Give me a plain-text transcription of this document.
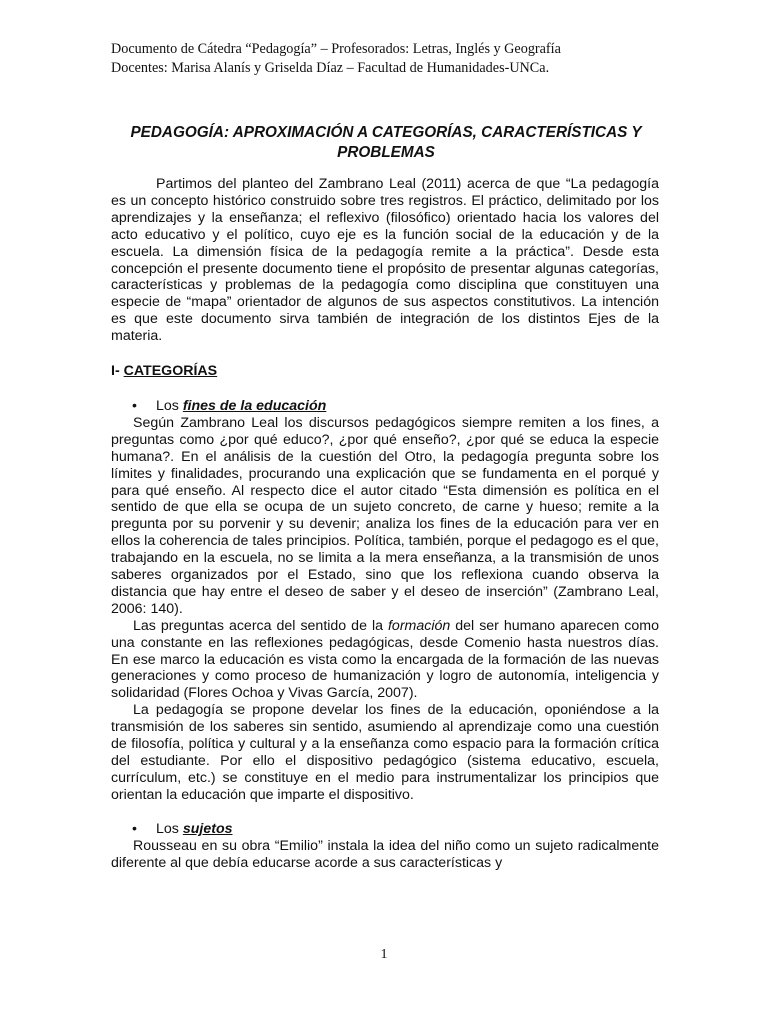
Documento de Cátedra “Pedagogía” – Profesorados: Letras, Inglés y Geografía
Docentes: Marisa Alanís y Griselda Díaz – Facultad de Humanidades-UNCa.
PEDAGOGÍA: APROXIMACIÓN A CATEGORÍAS, CARACTERÍSTICAS Y PROBLEMAS

Partimos del planteo del Zambrano Leal (2011) acerca de que “La pedagogía es un concepto histórico construido sobre tres registros. El práctico, delimitado por los aprendizajes y la enseñanza; el reflexivo (filosófico) orientado hacia los valores del acto educativo y el político, cuyo eje es la función social de la educación y de la escuela. La dimensión física de la pedagogía remite a la práctica”. Desde esta concepción el presente documento tiene el propósito de presentar algunas categorías, características y problemas de la pedagogía como disciplina que constituyen una especie de “mapa” orientador de algunos de sus aspectos constitutivos. La intención es que este documento sirva también de integración de los distintos Ejes de la materia.

I- CATEGORÍAS
• Los fines de la educación

Según Zambrano Leal los discursos pedagógicos siempre remiten a los fines, a preguntas como ¿por qué educo?, ¿por qué enseño?, ¿por qué se educa la especie humana?. En el análisis de la cuestión del Otro, la pedagogía pregunta sobre los límites y finalidades, procurando una explicación que se fundamenta en el porqué y para qué enseño. Al respecto dice el autor citado “Esta dimensión es política en el sentido de que ella se ocupa de un sujeto concreto, de carne y hueso; remite a la pregunta por su porvenir y su devenir; analiza los fines de la educación para ver en ellos la coherencia de tales principios. Política, también, porque el pedagogo es el que, trabajando en la escuela, no se limita a la mera enseñanza, a la transmisión de unos saberes organizados por el Estado, sino que los reflexiona cuando observa la distancia que hay entre el deseo de saber y el deseo de inserción” (Zambrano Leal, 2006: 140).

Las preguntas acerca del sentido de la formación del ser humano aparecen como una constante en las reflexiones pedagógicas, desde Comenio hasta nuestros días. En ese marco la educación es vista como la encargada de la formación de las nuevas generaciones y como proceso de humanización y logro de autonomía, inteligencia y solidaridad (Flores Ochoa y Vivas García, 2007).

La pedagogía se propone develar los fines de la educación, oponiéndose a la transmisión de los saberes sin sentido, asumiendo al aprendizaje como una cuestión de filosofía, política y cultural y a la enseñanza como espacio para la formación crítica del estudiante. Por ello el dispositivo pedagógico (sistema educativo, escuela, currículum, etc.) se constituye en el medio para instrumentalizar los principios que orientan la educación que imparte el dispositivo.

• Los sujetos

Rousseau en su obra “Emilio” instala la idea del niño como un sujeto radicalmente diferente al que debía educarse acorde a sus características y

1
